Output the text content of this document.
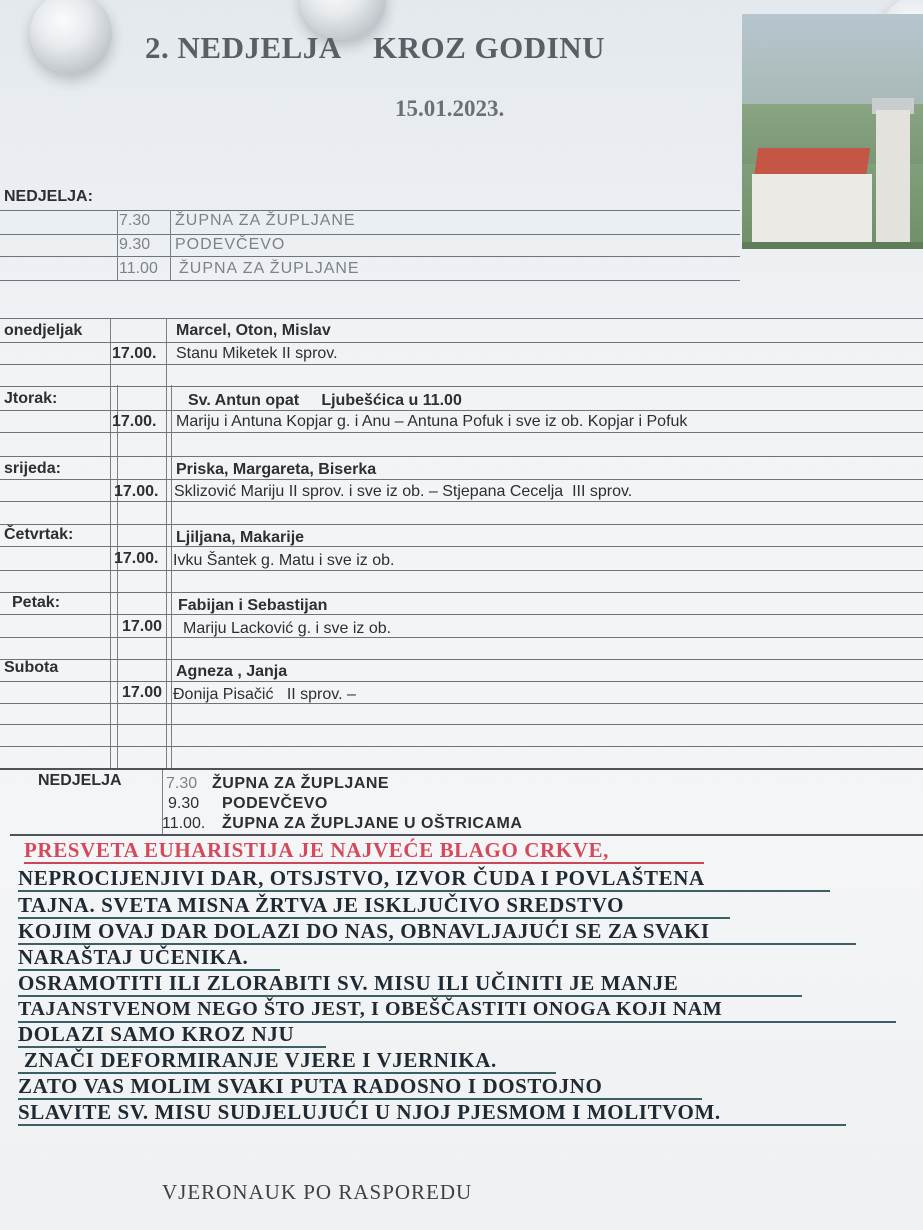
2. NEDJELJA    KROZ GODINU
15.01.2023.
NEDJELJA:
7.30 ŽUPNA ZA ŽUPLJANE
9.30 PODEVČEVO
11.00 ŽUPNA ZA ŽUPLJANE
onedjeljak	Marcel, Oton, Mislav
17.00. Stanu Miketek II sprov.
Jtorak:	Sv. Antun opat     Ljubešćica u 11.00
17.00. Mariju i Antuna Kopjar g. i Anu – Antuna Pofuk i sve iz ob. Kopjar i Pofuk
srijeda:	Priska, Margareta, Biserka
17.00. Sklizović Mariju II sprov. i sve iz ob. – Stjepana Cecelja  III sprov.
Četvrtak:	Ljiljana, Makarije
17.00. Ivku Šantek g. Matu i sve iz ob.
Petak:	Fabijan i Sebastijan
17.00 Mariju Lacković g. i sve iz ob.
Subota	Agneza , Janja
17.00 Đonija Pisačić   II sprov. –
NEDJELJA	7.30 ŽUPNA ZA ŽUPLJANE
9.30 PODEVČEVO
11.00. ŽUPNA ZA ŽUPLJANE U OŠTRICAMA
PRESVETA EUHARISTIJA JE NAJVEĆE BLAGO CRKVE,
NEPROCIJENJIVI DAR, OTSJSTVO, IZVOR ČUDA I POVLAŠTENA
TAJNA. SVETA MISNA ŽRTVA JE ISKLJUČIVO SREDSTVO
KOJIM OVAJ DAR DOLAZI DO NAS, OBNAVLJAJUĆI SE ZA SVAKI
NARAŠTAJ UČENIKA.
OSRAMOTITI ILI ZLORABITI SV. MISU ILI UČINITI JE MANJE
TAJANSTVENOM NEGO ŠTO JEST, I OBEŠČASTITI ONOGA KOJI NAM
DOLAZI SAMO KROZ NJU
ZNAČI DEFORMIRANJE VJERE I VJERNIKA.
ZATO VAS MOLIM SVAKI PUTA RADOSNO I DOSTOJNO
SLAVITE SV. MISU SUDJELUJUĆI U NJOJ PJESMOM I MOLITVOM.
VJERONAUK PO RASPOREDU
